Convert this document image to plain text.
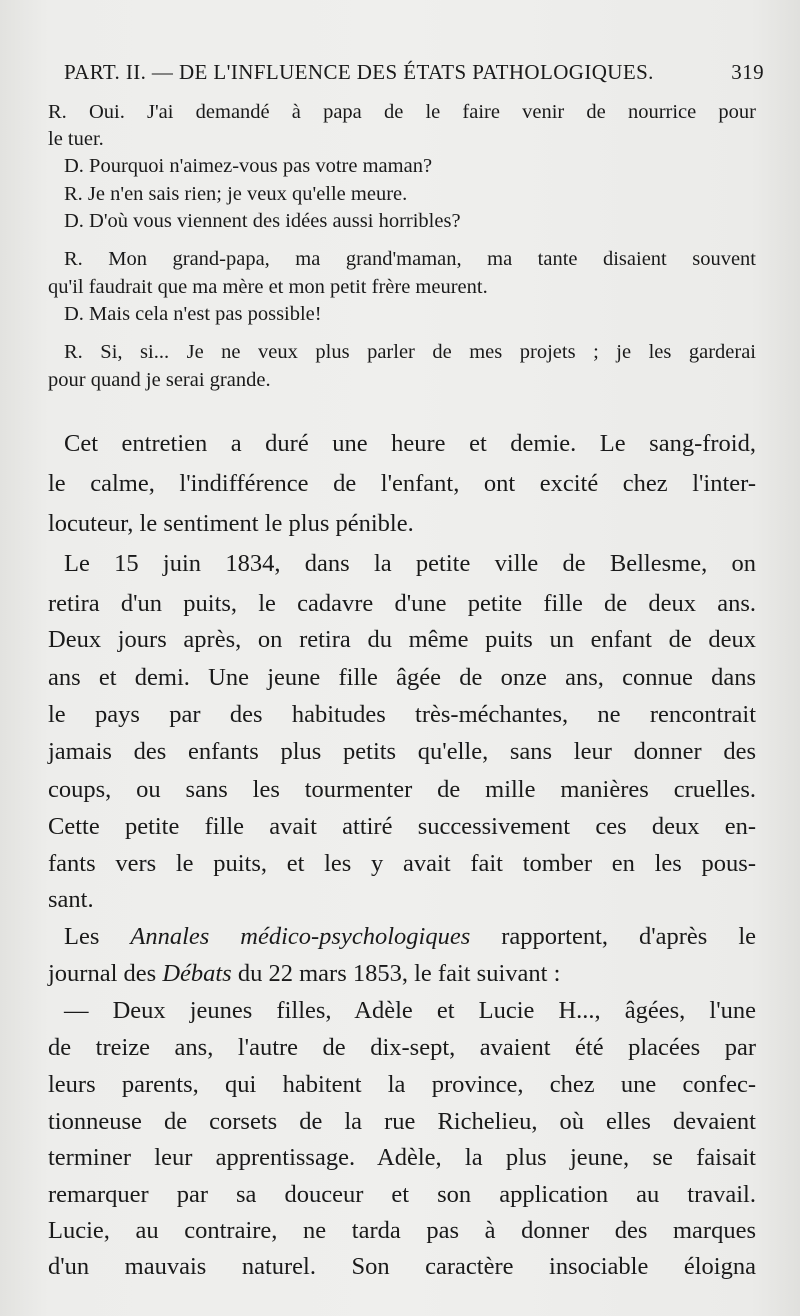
PART. II. — DE L'INFLUENCE DES ÉTATS PATHOLOGIQUES.	319
R. Oui. J'ai demandé à papa de le faire venir de nourrice pour
le tuer.
D. Pourquoi n'aimez-vous pas votre maman?
R. Je n'en sais rien; je veux qu'elle meure.
D. D'où vous viennent des idées aussi horribles?
R. Mon grand-papa, ma grand'maman, ma tante disaient souvent
qu'il faudrait que ma mère et mon petit frère meurent.
D. Mais cela n'est pas possible!
R. Si, si... Je ne veux plus parler de mes projets ; je les garderai
pour quand je serai grande.
Cet entretien a duré une heure et demie. Le sang-froid,
le calme, l'indifférence de l'enfant, ont excité chez l'inter-
locuteur, le sentiment le plus pénible.
Le 15 juin 1834, dans la petite ville de Bellesme, on
retira d'un puits, le cadavre d'une petite fille de deux ans.
Deux jours après, on retira du même puits un enfant de deux
ans et demi. Une jeune fille âgée de onze ans, connue dans
le pays par des habitudes très-méchantes, ne rencontrait
jamais des enfants plus petits qu'elle, sans leur donner des
coups, ou sans les tourmenter de mille manières cruelles.
Cette petite fille avait attiré successivement ces deux en-
fants vers le puits, et les y avait fait tomber en les pous-
sant.
Les Annales médico-psychologiques rapportent, d'après le
journal des Débats du 22 mars 1853, le fait suivant :
— Deux jeunes filles, Adèle et Lucie H..., âgées, l'une
de treize ans, l'autre de dix-sept, avaient été placées par
leurs parents, qui habitent la province, chez une confec-
tionneuse de corsets de la rue Richelieu, où elles devaient
terminer leur apprentissage. Adèle, la plus jeune, se faisait
remarquer par sa douceur et son application au travail.
Lucie, au contraire, ne tarda pas à donner des marques
d'un mauvais naturel. Son caractère insociable éloigna
